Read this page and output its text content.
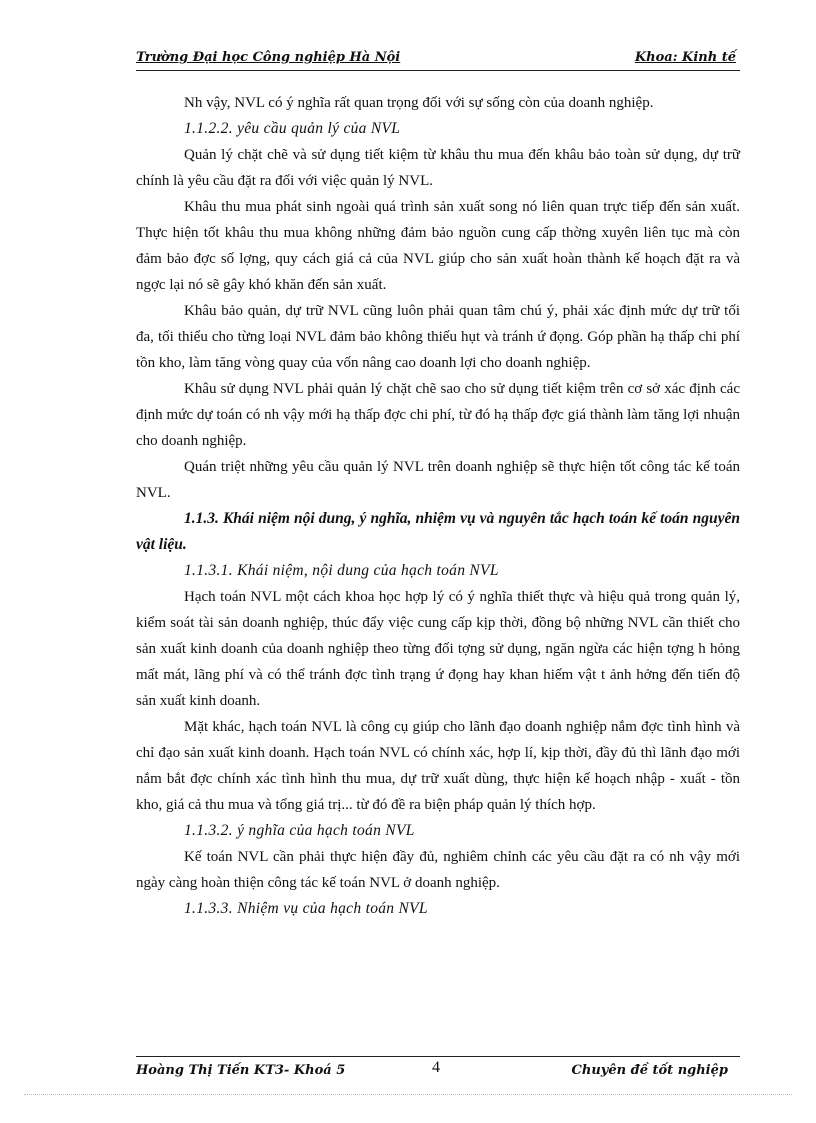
Trường Đại học Công nghiệp Hà Nội	Khoa: Kinh tế

Nh vậy, NVL có ý nghĩa rất quan trọng đối với sự sống còn của doanh nghiệp.

1.1.2.2. yêu cầu quản lý của NVL

Quản lý chặt chẽ và sử dụng tiết kiệm từ khâu thu mua đến khâu bảo toàn sử dụng, dự trữ chính là yêu cầu đặt ra đối với việc quản lý NVL.

Khâu thu mua phát sinh ngoài quá trình sản xuất song nó liên quan trực tiếp đến sản xuất. Thực hiện tốt khâu thu mua không những đảm bảo nguồn cung cấp thờng xuyên liên tục mà còn đảm bảo đợc số lợng, quy cách giá cả của NVL giúp cho sản xuất hoàn thành kế hoạch đặt ra và ngợc lại nó sẽ gây khó khăn đến sản xuất.

Khâu bảo quản, dự trữ NVL cũng luôn phải quan tâm chú ý, phải xác định mức dự trữ tối đa, tối thiểu cho từng loại NVL đảm bảo không thiếu hụt và tránh ứ đọng. Góp phần hạ thấp chi phí tồn kho, làm tăng vòng quay của vốn nâng cao doanh lợi cho doanh nghiệp.

Khâu sử dụng NVL phải quản lý chặt chẽ sao cho sử dụng tiết kiệm trên cơ sở xác định các định mức dự toán có nh vậy mới hạ thấp đợc chi phí, từ đó hạ thấp đợc giá thành làm tăng lợi nhuận cho doanh nghiệp.

Quán triệt những yêu cầu quản lý NVL trên doanh nghiệp sẽ thực hiện tốt công tác kế toán NVL.

1.1.3. Khái niệm nội dung, ý nghĩa, nhiệm vụ và nguyên tắc hạch toán kế toán nguyên vật liệu.

1.1.3.1. Khái niệm, nội dung của hạch toán NVL

Hạch toán NVL một cách khoa học hợp lý có ý nghĩa thiết thực và hiệu quả trong quản lý, kiểm soát tài sản doanh nghiệp, thúc đẩy việc cung cấp kịp thời, đồng bộ những NVL cần thiết cho sản xuất kinh doanh của doanh nghiệp theo từng đối tợng sử dụng, ngăn ngừa các hiện tợng h hỏng mất mát, lãng phí và có thể tránh đợc tình trạng ứ đọng hay khan hiếm vật t ảnh hởng đến tiến độ sản xuất kinh doanh.

Mặt khác, hạch toán NVL là công cụ giúp cho lãnh đạo doanh nghiệp nắm đợc tình hình và chỉ đạo sản xuất kinh doanh. Hạch toán NVL có chính xác, hợp lí, kịp thời, đầy đủ thì lãnh đạo mới nắm bắt đợc chính xác tình hình thu mua, dự trữ xuất dùng, thực hiện kế hoạch nhập - xuất - tồn kho, giá cả thu mua và tổng giá trị... từ đó đề ra biện pháp quản lý thích hợp.

1.1.3.2. ý nghĩa của hạch toán NVL

Kế toán NVL cần phải thực hiện đầy đủ, nghiêm chỉnh các yêu cầu đặt ra có nh vậy mới ngày càng hoàn thiện công tác kế toán NVL ở doanh nghiệp.

1.1.3.3. Nhiệm vụ của hạch toán NVL

Hoàng Thị Tiến KT3- Khoá 5	4	Chuyên đề tốt nghiệp
